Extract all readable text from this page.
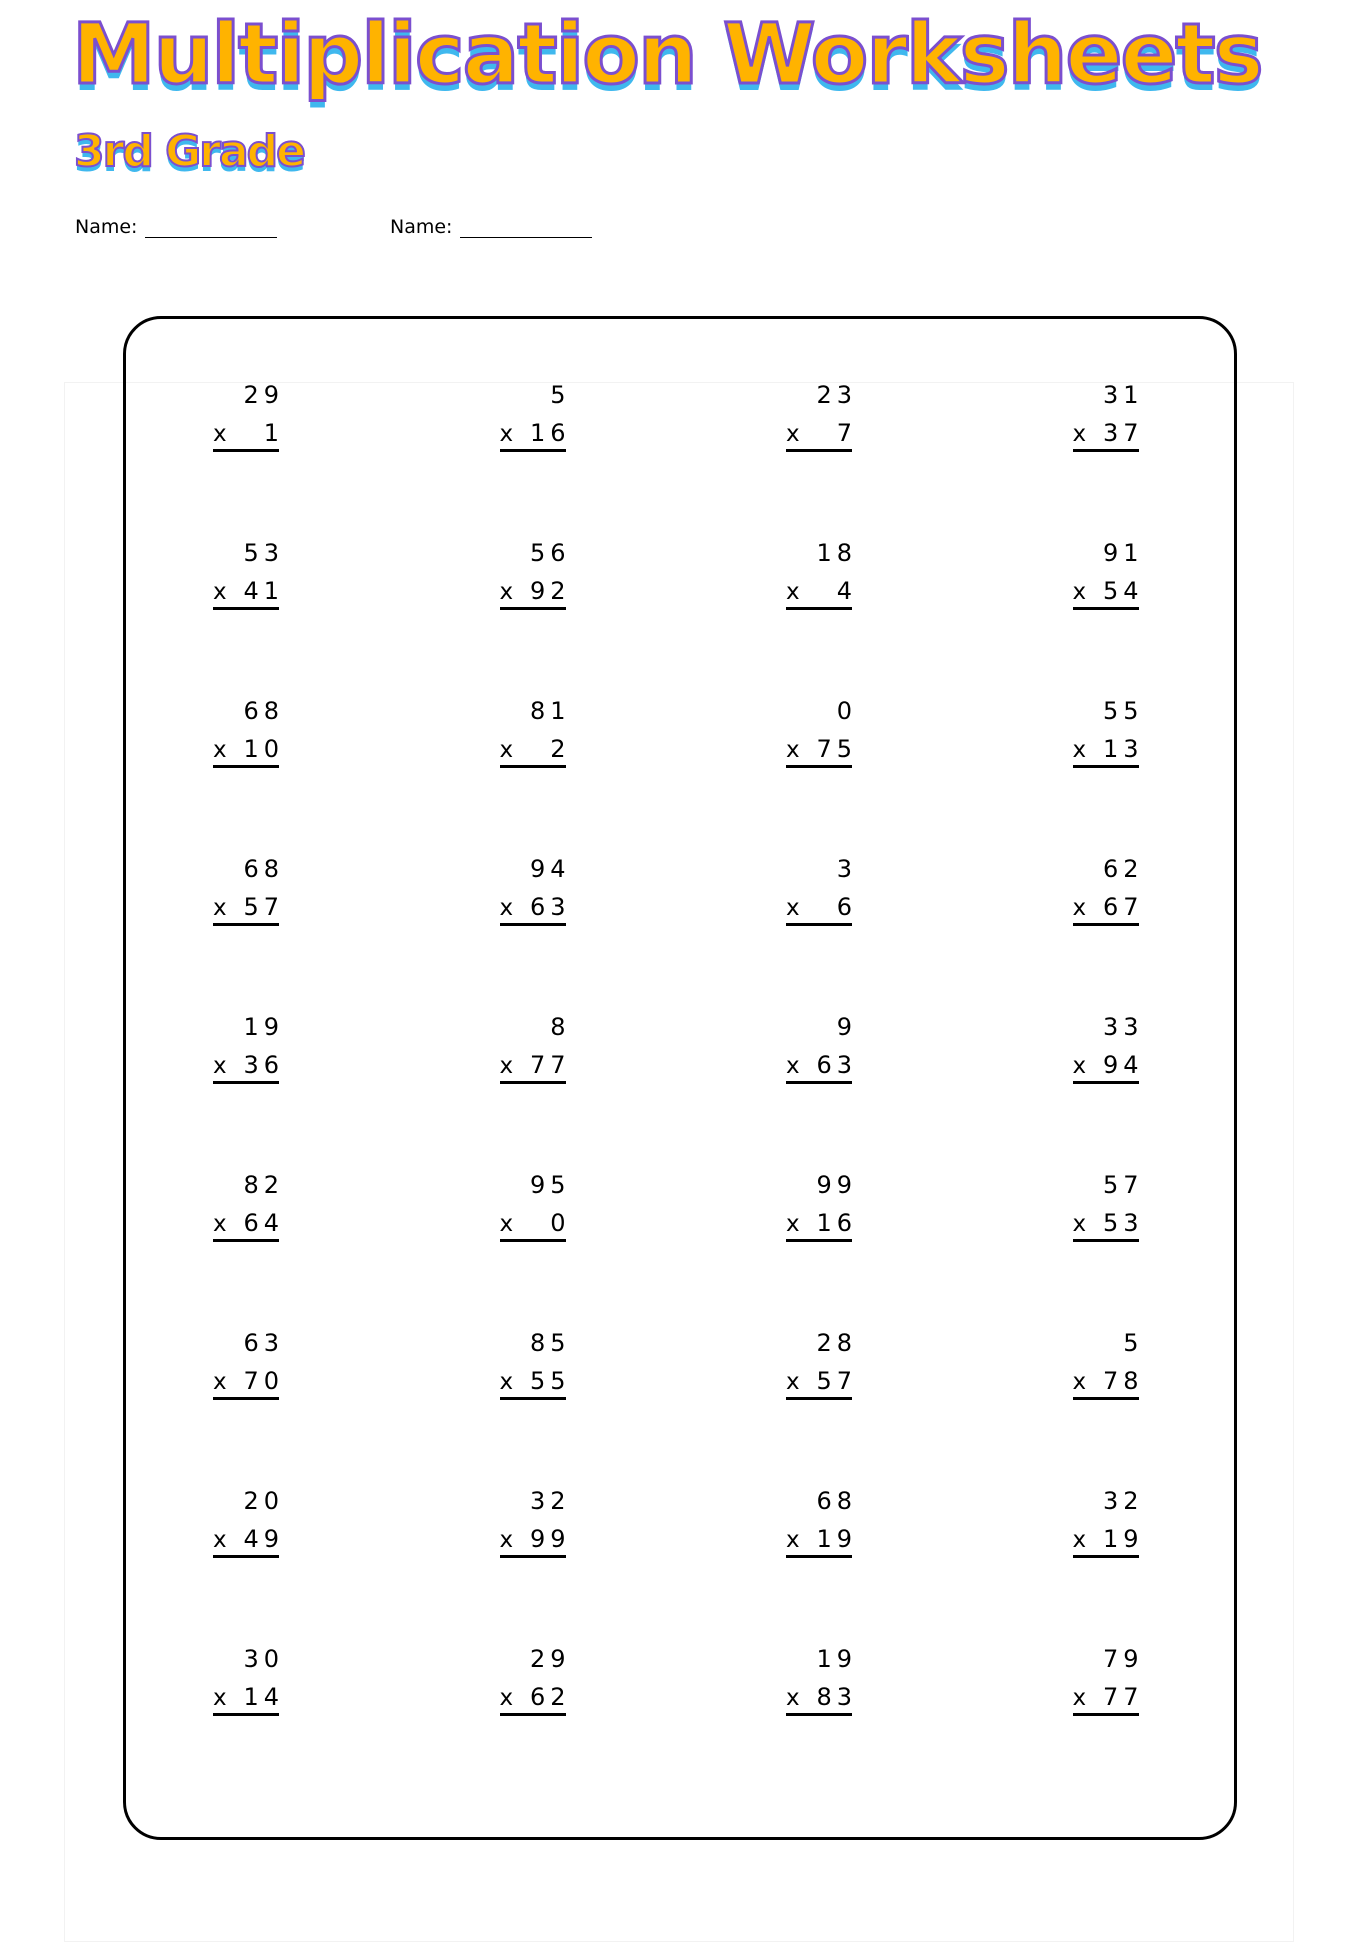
Multiplication Worksheets
3rd Grade
Name:	Name:
29
x 1
5
x 16
23
x 7
31
x 37
53
x 41
56
x 92
18
x 4
91
x 54
68
x 10
81
x 2
0
x 75
55
x 13
68
x 57
94
x 63
3
x 6
62
x 67
19
x 36
8
x 77
9
x 63
33
x 94
82
x 64
95
x 0
99
x 16
57
x 53
63
x 70
85
x 55
28
x 57
5
x 78
20
x 49
32
x 99
68
x 19
32
x 19
30
x 14
29
x 62
19
x 83
79
x 77
